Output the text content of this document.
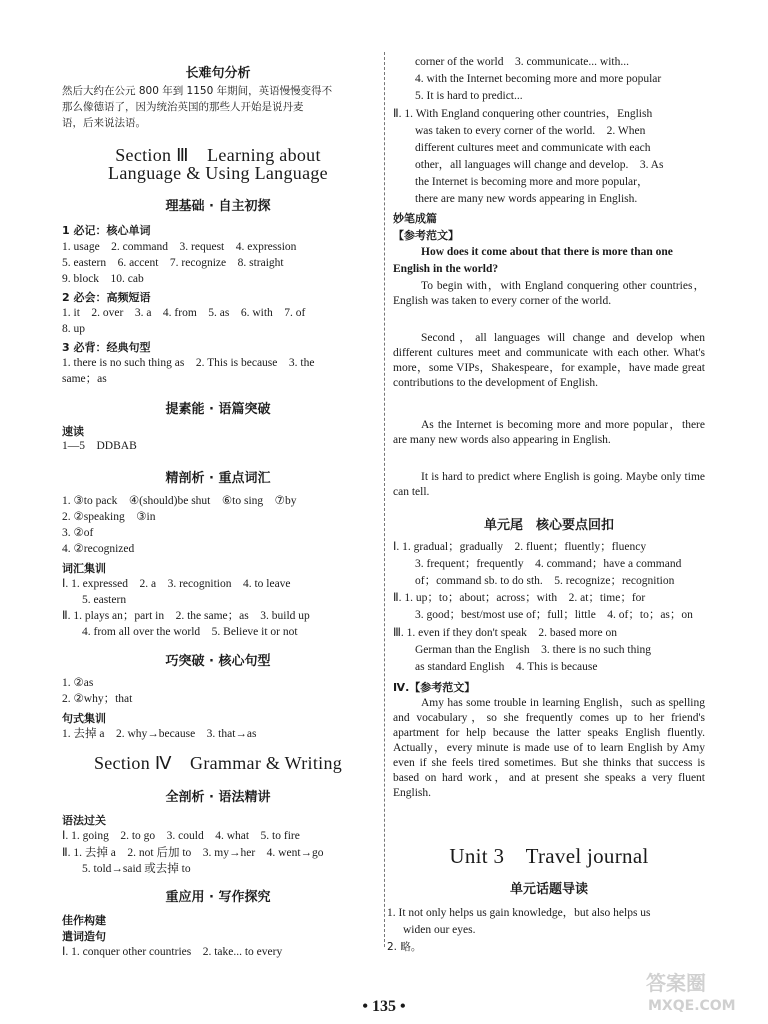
长难句分析
然后大约在公元 800 年到 1150 年期间，英语慢慢变得不
那么像德语了，因为统治英国的那些人开始是说丹麦
语，后来说法语。
Section Ⅲ　Learning about
Language & Using Language
理基础 · 自主初探
1 必记：核心单词
1. usage　2. command　3. request　4. expression
5. eastern　6. accent　7. recognize　8. straight
9. block　10. cab
2 必会：高频短语
1. it　2. over　3. a　4. from　5. as　6. with　7. of
8. up
3 必背：经典句型
1. there is no such thing as　2. This is because　3. the
same；as
提素能 · 语篇突破
速读
1—5　DDBAB
精剖析 · 重点词汇
1. ③to pack　④(should)be shut　⑥to sing　⑦by
2. ②speaking　③in
3. ②of
4. ②recognized
词汇集训
Ⅰ. 1. expressed　2. a　3. recognition　4. to leave
5. eastern
Ⅱ. 1. plays an；part in　2. the same；as　3. build up
4. from all over the world　5. Believe it or not
巧突破 · 核心句型
1. ②as
2. ②why；that
句式集训
1. 去掉 a　2. why→because　3. that→as
Section Ⅳ　Grammar & Writing
全剖析 · 语法精讲
语法过关
Ⅰ. 1. going　2. to go　3. could　4. what　5. to fire
Ⅱ. 1. 去掉 a　2. not 后加 to　3. my→her　4. went→go
5. told→said 或去掉 to
重应用 · 写作探究
佳作构建
遣词造句
Ⅰ. 1. conquer other countries　2. take... to every
corner of the world　3. communicate... with...
4. with the Internet becoming more and more popular
5. It is hard to predict...
Ⅱ. 1. With England conquering other countries，English
was taken to every corner of the world.　2. When
different cultures meet and communicate with each
other，all languages will change and develop.　3. As
the Internet is becoming more and more popular，
there are many new words appearing in English.
妙笔成篇
【参考范文】
How does it come about that there is more than one
English in the world?
To begin with，with England conquering other countries，English was taken to every corner of the world.
Second，all languages will change and develop when different cultures meet and communicate with each other. What's more，some VIPs，Shakespeare，for example，have made great contributions to the development of English.
As the Internet is becoming more and more popular，there are many new words also appearing in English.
It is hard to predict where English is going. Maybe only time can tell.
单元尾　核心要点回扣
Ⅰ. 1. gradual；gradually　2. fluent；fluently；fluency
3. frequent；frequently　4. command；have a command
of；command sb. to do sth.　5. recognize；recognition
Ⅱ. 1. up；to；about；across；with　2. at；time；for
3. good；best/most use of；full；little　4. of；to；as；on
Ⅲ. 1. even if they don't speak　2. based more on
German than the English　3. there is no such thing
as standard English　4. This is because
Ⅳ.【参考范文】
Amy has some trouble in learning English，such as spelling and vocabulary，so she frequently comes up to her friend's apartment for help because the latter speaks English fluently. Actually，every minute is made use of to learn English by Amy even if she feels tired sometimes. But she thinks that success is based on hard work，and at present she speaks a very fluent English.
Unit 3　Travel journal
单元话题导读
1. It not only helps us gain knowledge，but also helps us
widen our eyes.
2. 略。
• 135 •
答案圈
MXQE.COM
